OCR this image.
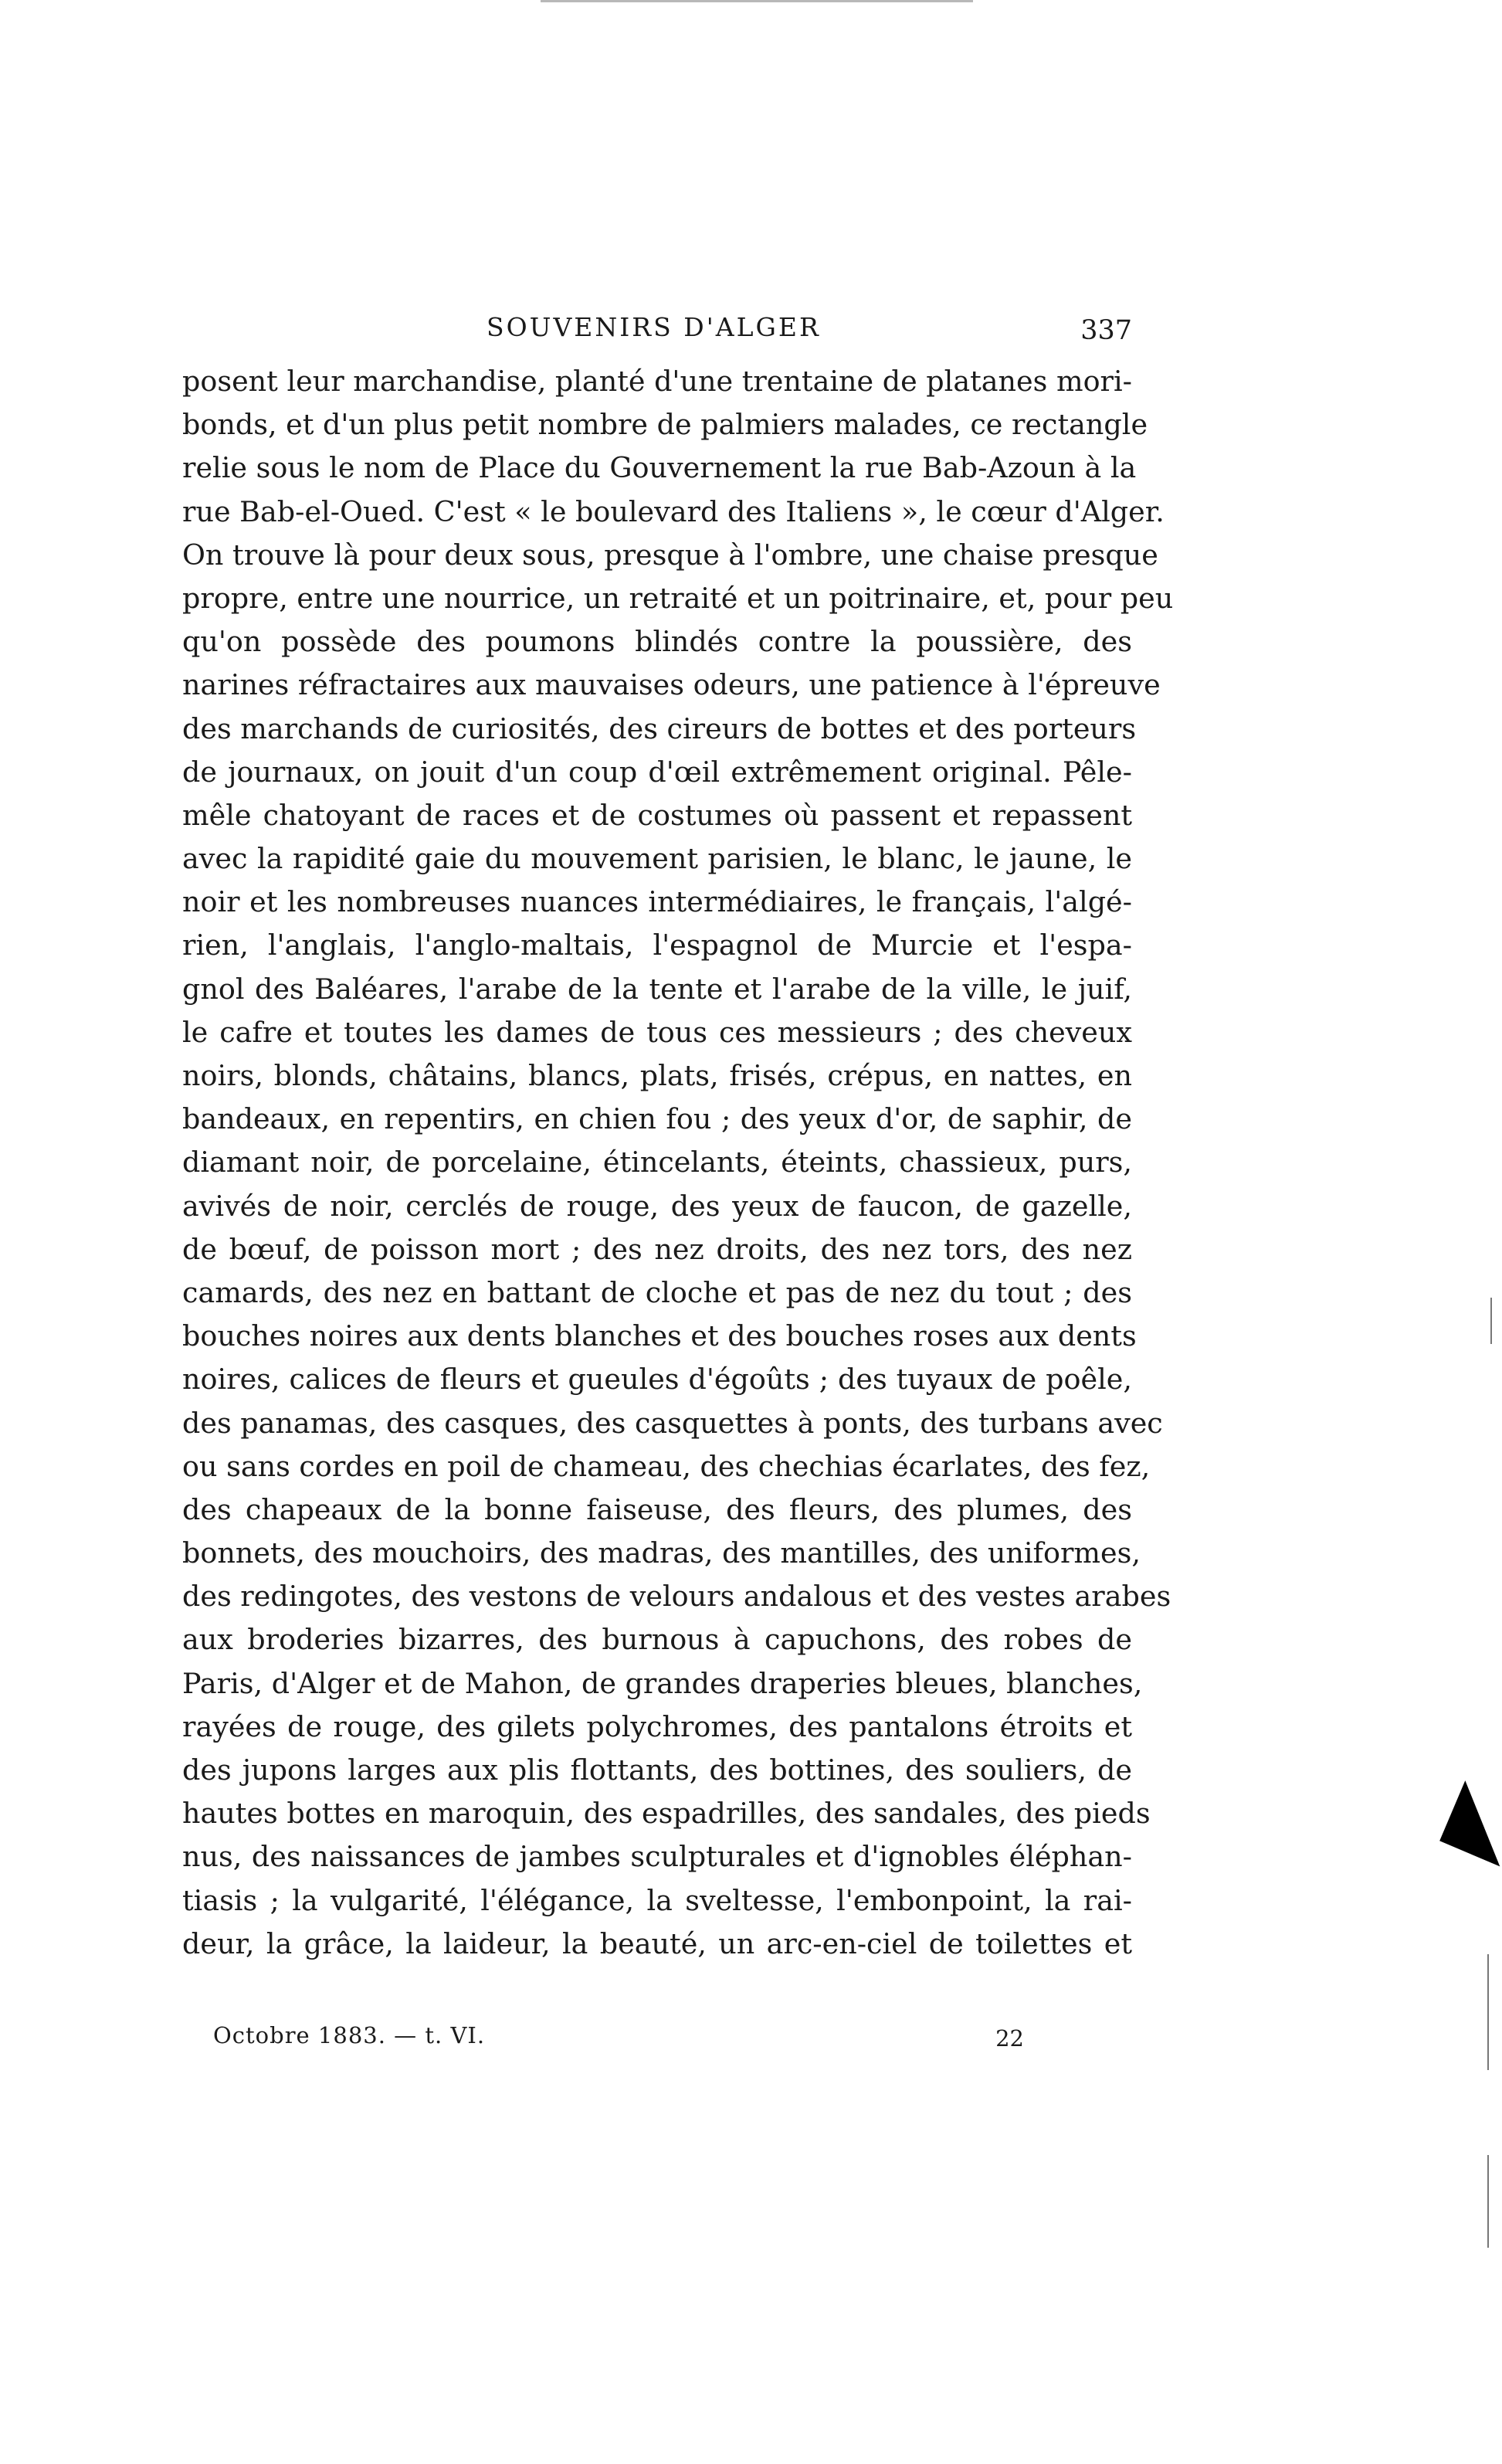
SOUVENIRS D'ALGER	337
posent leur marchandise, planté d'une trentaine de platanes mori-
bonds, et d'un plus petit nombre de palmiers malades, ce rectangle
relie sous le nom de Place du Gouvernement la rue Bab-Azoun à la
rue Bab-el-Oued. C'est « le boulevard des Italiens », le cœur d'Alger.
On trouve là pour deux sous, presque à l'ombre, une chaise presque
propre, entre une nourrice, un retraité et un poitrinaire, et, pour peu
qu'on possède des poumons blindés contre la poussière, des
narines réfractaires aux mauvaises odeurs, une patience à l'épreuve
des marchands de curiosités, des cireurs de bottes et des porteurs
de journaux, on jouit d'un coup d'œil extrêmement original. Pêle-
mêle chatoyant de races et de costumes où passent et repassent
avec la rapidité gaie du mouvement parisien, le blanc, le jaune, le
noir et les nombreuses nuances intermédiaires, le français, l'algé-
rien, l'anglais, l'anglo-maltais, l'espagnol de Murcie et l'espa-
gnol des Baléares, l'arabe de la tente et l'arabe de la ville, le juif,
le cafre et toutes les dames de tous ces messieurs ; des cheveux
noirs, blonds, châtains, blancs, plats, frisés, crépus, en nattes, en
bandeaux, en repentirs, en chien fou ; des yeux d'or, de saphir, de
diamant noir, de porcelaine, étincelants, éteints, chassieux, purs,
avivés de noir, cerclés de rouge, des yeux de faucon, de gazelle,
de bœuf, de poisson mort ; des nez droits, des nez tors, des nez
camards, des nez en battant de cloche et pas de nez du tout ; des
bouches noires aux dents blanches et des bouches roses aux dents
noires, calices de fleurs et gueules d'égoûts ; des tuyaux de poêle,
des panamas, des casques, des casquettes à ponts, des turbans avec
ou sans cordes en poil de chameau, des chechias écarlates, des fez,
des chapeaux de la bonne faiseuse, des fleurs, des plumes, des
bonnets, des mouchoirs, des madras, des mantilles, des uniformes,
des redingotes, des vestons de velours andalous et des vestes arabes
aux broderies bizarres, des burnous à capuchons, des robes de
Paris, d'Alger et de Mahon, de grandes draperies bleues, blanches,
rayées de rouge, des gilets polychromes, des pantalons étroits et
des jupons larges aux plis flottants, des bottines, des souliers, de
hautes bottes en maroquin, des espadrilles, des sandales, des pieds
nus, des naissances de jambes sculpturales et d'ignobles éléphan-
tiasis ; la vulgarité, l'élégance, la sveltesse, l'embonpoint, la rai-
deur, la grâce, la laideur, la beauté, un arc-en-ciel de toilettes et
Octobre 1883. — t. VI.	22
